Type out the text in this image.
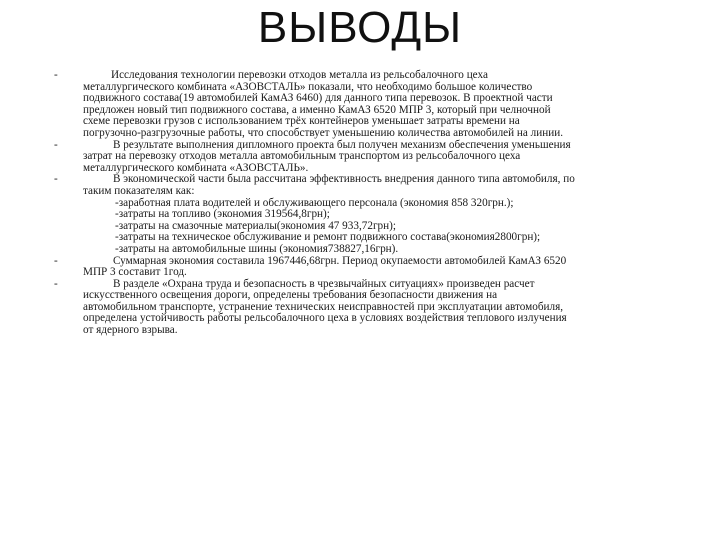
ВЫВОДЫ
-	Исследования технологии перевозки отходов металла из рельсобалочного цеха
металлургического комбината «АЗОВСТАЛЬ» показали, что необходимо большое количество
подвижного состава(19 автомобилей КамАЗ 6460) для данного типа перевозок. В проектной части
предложен новый тип подвижного состава, а именно КамАЗ 6520 МПР 3, который при челночной
схеме перевозки грузов с использованием трёх контейнеров уменьшает затраты времени на
погрузочно-разгрузочные работы, что способствует уменьшению количества автомобилей на линии.
-	В результате выполнения дипломного проекта был получен механизм обеспечения уменьшения
затрат на перевозку отходов металла автомобильным транспортом из рельсобалочного цеха
металлургического комбината «АЗОВСТАЛЬ».
-	В экономической части была рассчитана эффективность внедрения данного типа автомобиля, по
таким показателям как:
-заработная плата водителей и обслуживающего персонала (экономия 858 320грн.);
-затраты на топливо (экономия 319564,8грн);
-затраты на смазочные материалы(экономия 47 933,72грн);
-затраты на техническое обслуживание и ремонт подвижного состава(экономия2800грн);
-затраты на автомобильные шины (экономия738827,16грн).
-	Суммарная экономия составила 1967446,68грн. Период окупаемости автомобилей КамАЗ 6520
МПР 3 составит 1год.
-	В разделе «Охрана труда и безопасность в чрезвычайных ситуациях» произведен расчет
искусственного освещения дороги, определены требования безопасности движения на
автомобильном транспорте, устранение технических неисправностей при эксплуатации автомобиля,
определена устойчивость работы рельсобалочного цеха в условиях воздействия теплового излучения
от ядерного взрыва.
